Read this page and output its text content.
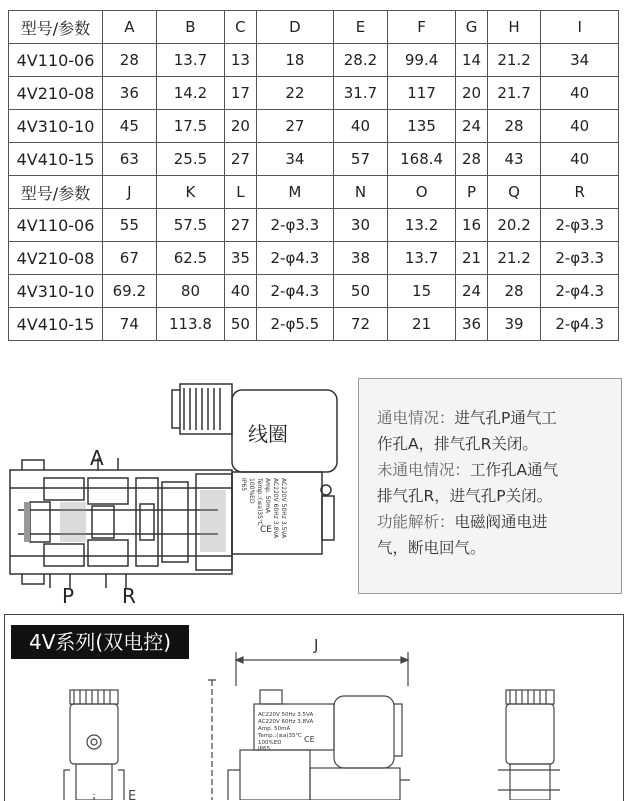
型号/参数	A	B	C	D	E	F	G	H	I
4V110-06	28	13.7	13	18	28.2	99.4	14	21.2	34
4V210-08	36	14.2	17	22	31.7	117	20	21.7	40
4V310-10	45	17.5	20	27	40	135	24	28	40
4V410-15	63	25.5	27	34	57	168.4	28	43	40
型号/参数	J	K	L	M	N	O	P	Q	R
4V110-06	55	57.5	27	2-φ3.3	30	13.2	16	20.2	2-φ3.3
4V210-08	67	62.5	35	2-φ4.3	38	13.7	21	21.2	2-φ3.3
4V310-10	69.2	80	40	2-φ4.3	50	15	24	28	2-φ4.3
4V410-15	74	113.8	50	2-φ5.5	72	21	36	39	2-φ4.3
AC220V 50Hz 3.5VA
AC220V 60Hz 3.8VA
Amp. 50mA
Temp.:(≤a)35℃
100%ED
IP65
CE
线圈
A
P R

通电情况：进气孔P通气工

作孔A，排气孔R关闭。

未通电情况：工作孔A通气

排气孔R，进气孔P关闭。

功能解析：电磁阀通电进

气，断电回气。

4V系列(双电控)	J
AC220V 50Hz 3.5VA
AC220V 60Hz 3.8VA
Amp. 50mA
Temp.:(≤a)35℃
100%ED
IP65
CE
E
